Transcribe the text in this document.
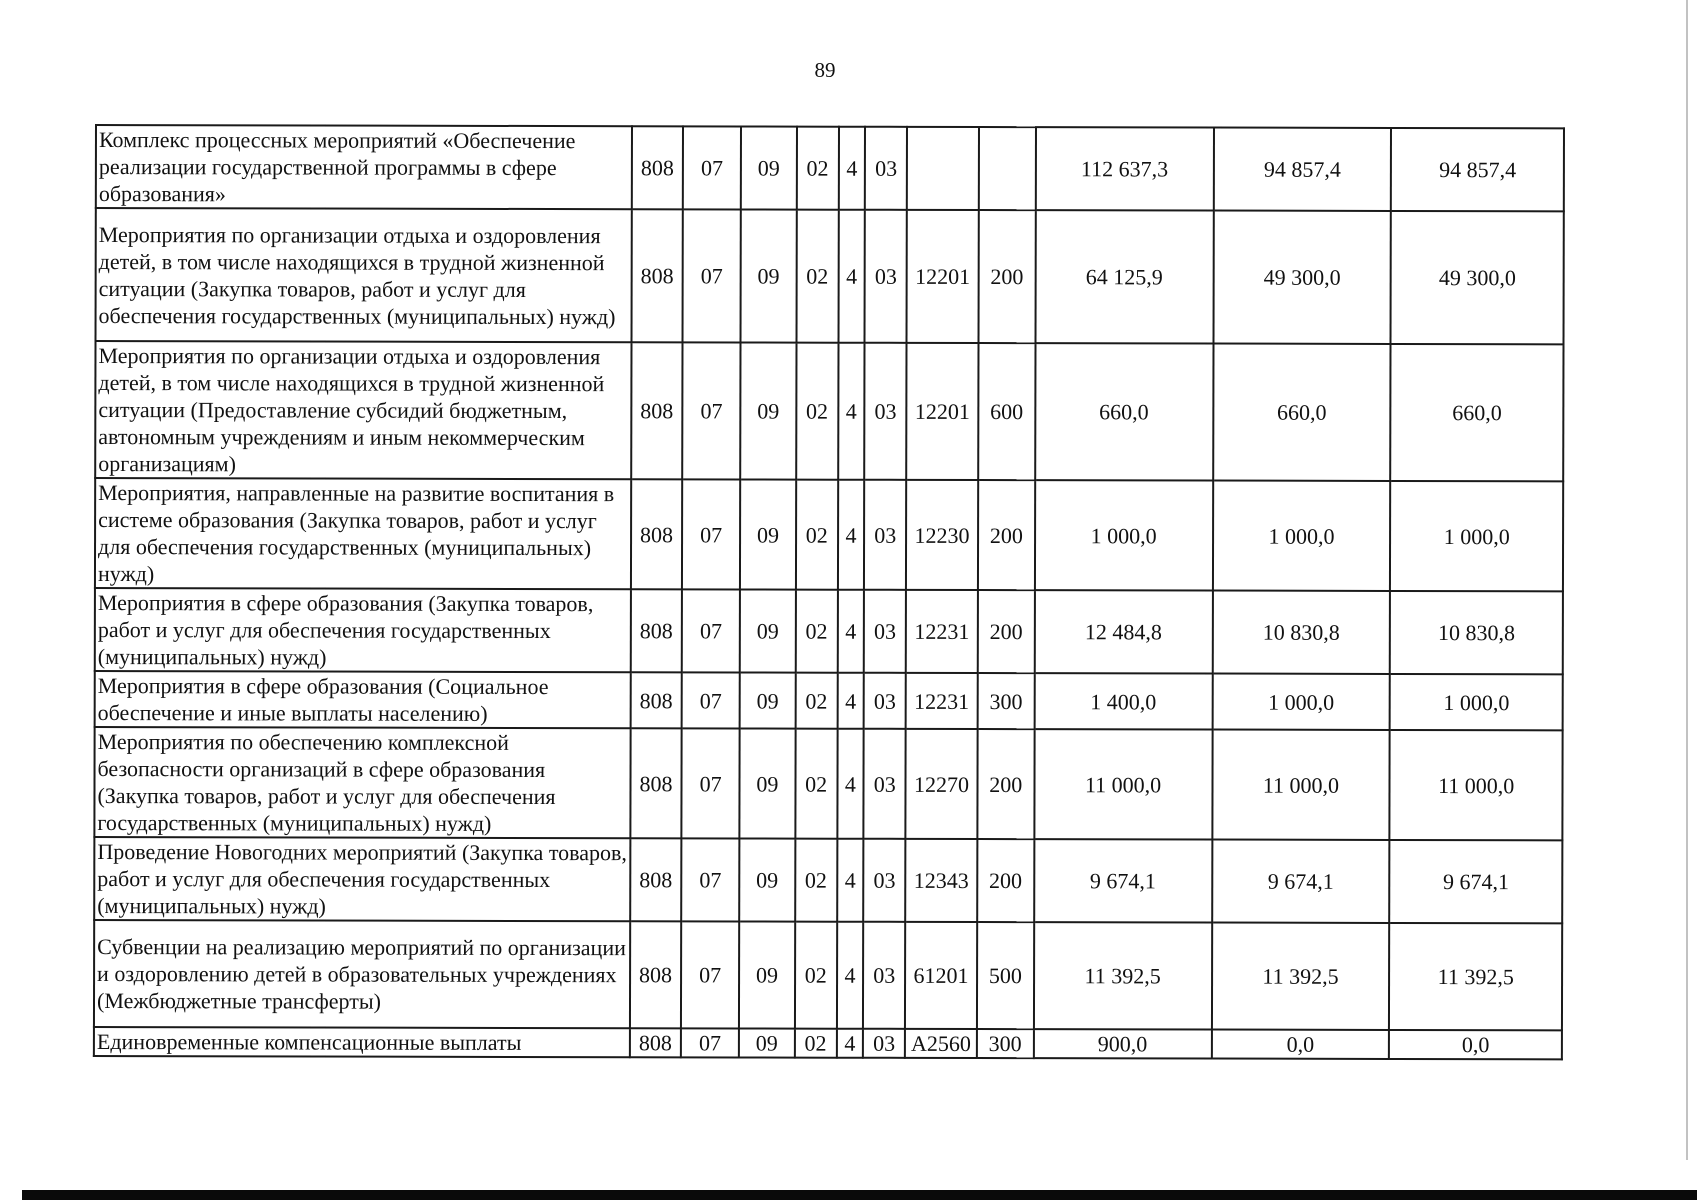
89
Комплекс процессных мероприятий «Обеспечение реализации государственной программы в сфере образования»	808	07	09	02	4	03			112 637,3	94 857,4	94 857,4
Мероприятия по организации отдыха и оздоровления детей, в том числе находящихся в трудной жизненной ситуации (Закупка товаров, работ и услуг для обеспечения государственных (муниципальных) нужд)	808	07	09	02	4	03	12201	200	64 125,9	49 300,0	49 300,0
Мероприятия по организации отдыха и оздоровления детей, в том числе находящихся в трудной жизненной ситуации (Предоставление субсидий бюджетным, автономным учреждениям и иным некоммерческим организациям)	808	07	09	02	4	03	12201	600	660,0	660,0	660,0
Мероприятия, направленные на развитие воспитания в системе образования (Закупка товаров, работ и услуг для обеспечения государственных (муниципальных) нужд)	808	07	09	02	4	03	12230	200	1 000,0	1 000,0	1 000,0
Мероприятия в сфере образования (Закупка товаров, работ и услуг для обеспечения государственных (муниципальных) нужд)	808	07	09	02	4	03	12231	200	12 484,8	10 830,8	10 830,8
Мероприятия в сфере образования (Социальное обеспечение и иные выплаты населению)	808	07	09	02	4	03	12231	300	1 400,0	1 000,0	1 000,0
Мероприятия по обеспечению комплексной безопасности организаций в сфере образования (Закупка товаров, работ и услуг для обеспечения государственных (муниципальных) нужд)	808	07	09	02	4	03	12270	200	11 000,0	11 000,0	11 000,0
Проведение Новогодних мероприятий (Закупка товаров, работ и услуг для обеспечения государственных (муниципальных) нужд)	808	07	09	02	4	03	12343	200	9 674,1	9 674,1	9 674,1
Субвенции на реализацию мероприятий по организации и оздоровлению детей в образовательных учреждениях (Межбюджетные трансферты)	808	07	09	02	4	03	61201	500	11 392,5	11 392,5	11 392,5
Единовременные компенсационные выплаты	808	07	09	02	4	03	A2560	300	900,0	0,0	0,0
